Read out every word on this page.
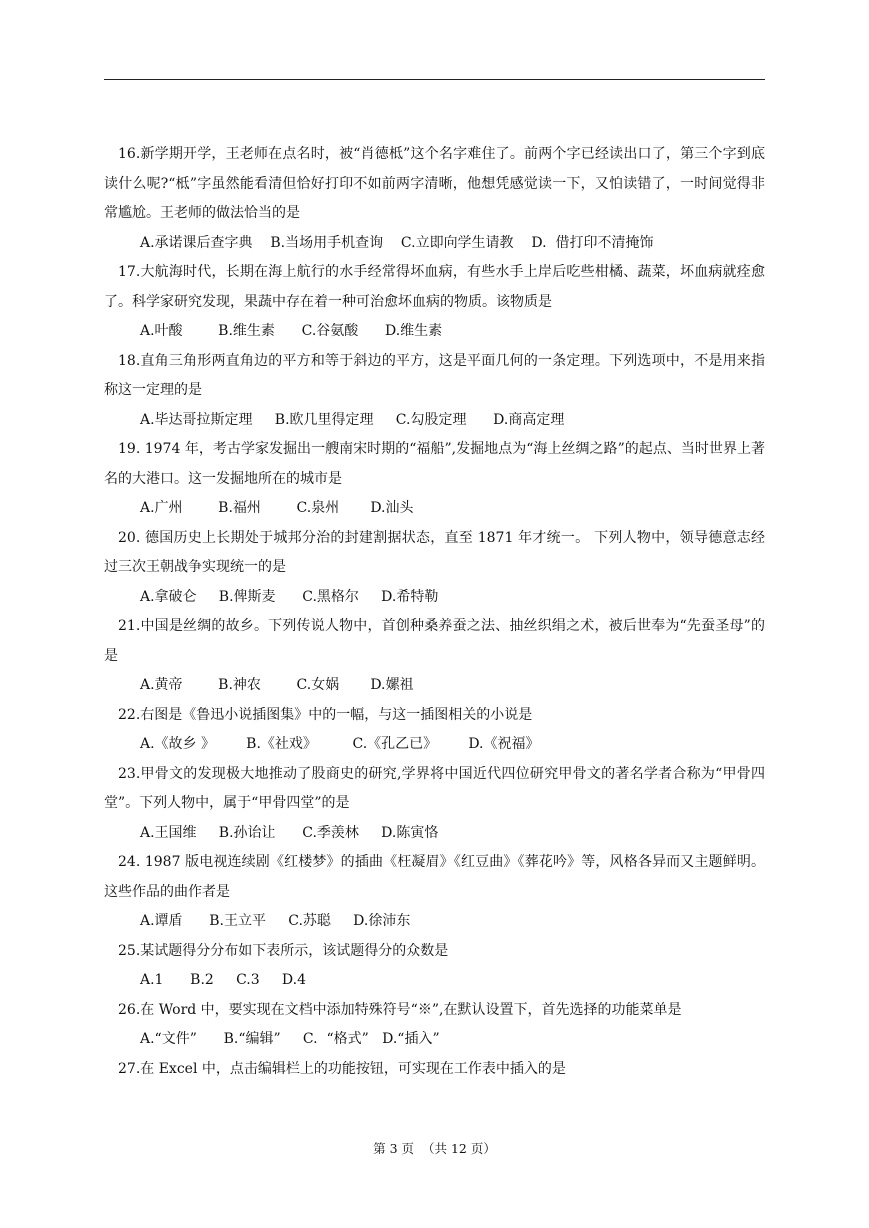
16.新学期开学，王老师在点名时，被“肖德柢”这个名字难住了。前两个字已经读出口了，第三个字到底读什么呢?“柢”字虽然能看清但恰好打印不如前两字清晰，他想凭感觉读一下，又怕读错了，一时间觉得非常尴尬。王老师的做法恰当的是
A.承诺课后查字典    B.当场用手机查询    C.立即向学生请教    D.  借打印不清掩饰
17.大航海时代，长期在海上航行的水手经常得坏血病，有些水手上岸后吃些柑橘、蔬菜，坏血病就痊愈了。科学家研究发现，果蔬中存在着一种可治愈坏血病的物质。该物质是
A.叶酸        B.维生素      C.谷氨酸      D.维生素
18.直角三角形两直角边的平方和等于斜边的平方，这是平面几何的一条定理。下列选项中，不是用来指称这一定理的是
A.毕达哥拉斯定理     B.欧几里得定理     C.勾股定理      D.商高定理
19. 1974 年，考古学家发掘出一艘南宋时期的“福船”,发掘地点为“海上丝绸之路”的起点、当时世界上著名的大港口。这一发掘地所在的城市是
A.广州        B.福州        C.泉州       D.汕头
20. 德国历史上长期处于城邦分治的封建割据状态，直至 1871 年才统一。 下列人物中，领导德意志经过三次王朝战争实现统一的是
A.拿破仑     B.俾斯麦      C.黑格尔     D.希特勒
21.中国是丝绸的故乡。下列传说人物中，首创种桑养蚕之法、抽丝织绢之术，被后世奉为“先蚕圣母”的是
A.黄帝        B.神农        C.女娲       D.嫘祖
22.右图是《鲁迅小说插图集》中的一幅，与这一插图相关的小说是
A.《故乡 》       B.《社戏》        C.《孔乙已》       D.《祝福》
23.甲骨文的发现极大地推动了股商史的研究,学界将中国近代四位研究甲骨文的著名学者合称为“甲骨四堂”。下列人物中，属于“甲骨四堂”的是
A.王国维     B.孙诒让      C.季羡林     D.陈寅恪
24. 1987 版电视连续剧《红楼梦》的插曲《枉凝眉》《红豆曲》《葬花吟》等，风格各异而又主题鲜明。这些作品的曲作者是
A.谭盾      B.王立平     C.苏聪     D.徐沛东
25.某试题得分分布如下表所示，该试题得分的众数是
A.1      B.2     C.3     D.4
26.在 Word 中，要实现在文档中添加特殊符号“※”,在默认设置下，首先选择的功能菜单是
A.“文件”      B.“编辑”     C.  “格式”   D.“插入”
27.在 Excel 中，点击编辑栏上的功能按钮，可实现在工作表中插入的是
第 3 页  （共 12 页）
